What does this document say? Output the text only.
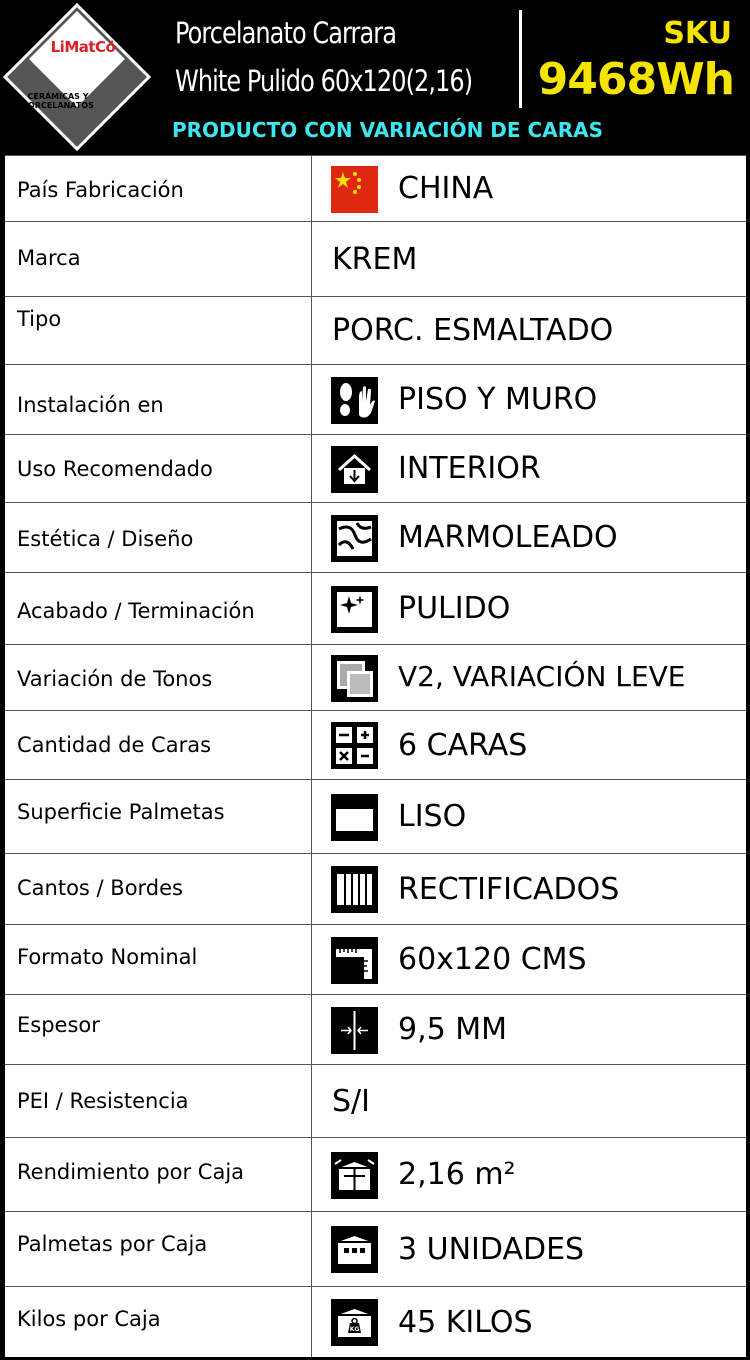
LiMatCö
CERÁMICAS Y
PORCELANATOS
Porcelanato Carrara
White Pulido 60x120(2,16)
SKU
9468Wh
PRODUCTO CON VARIACIÓN DE CARAS
País Fabricación	CHINA
Marca	KREM
Tipo	PORC. ESMALTADO
Instalación en	PISO Y MURO
Uso Recomendado	INTERIOR
Estética / Diseño	MARMOLEADO
Acabado / Terminación	PULIDO
Variación de Tonos	V2, VARIACIÓN LEVE
Cantidad de Caras	6 CARAS
Superficie Palmetas	LISO
Cantos / Bordes	RECTIFICADOS
Formato Nominal	60x120 CMS
Espesor	9,5 MM
PEI / Resistencia	S/I
Rendimiento por Caja	2,16 m²
Palmetas por Caja	3 UNIDADES
Kilos por Caja	KG 45 KILOS
